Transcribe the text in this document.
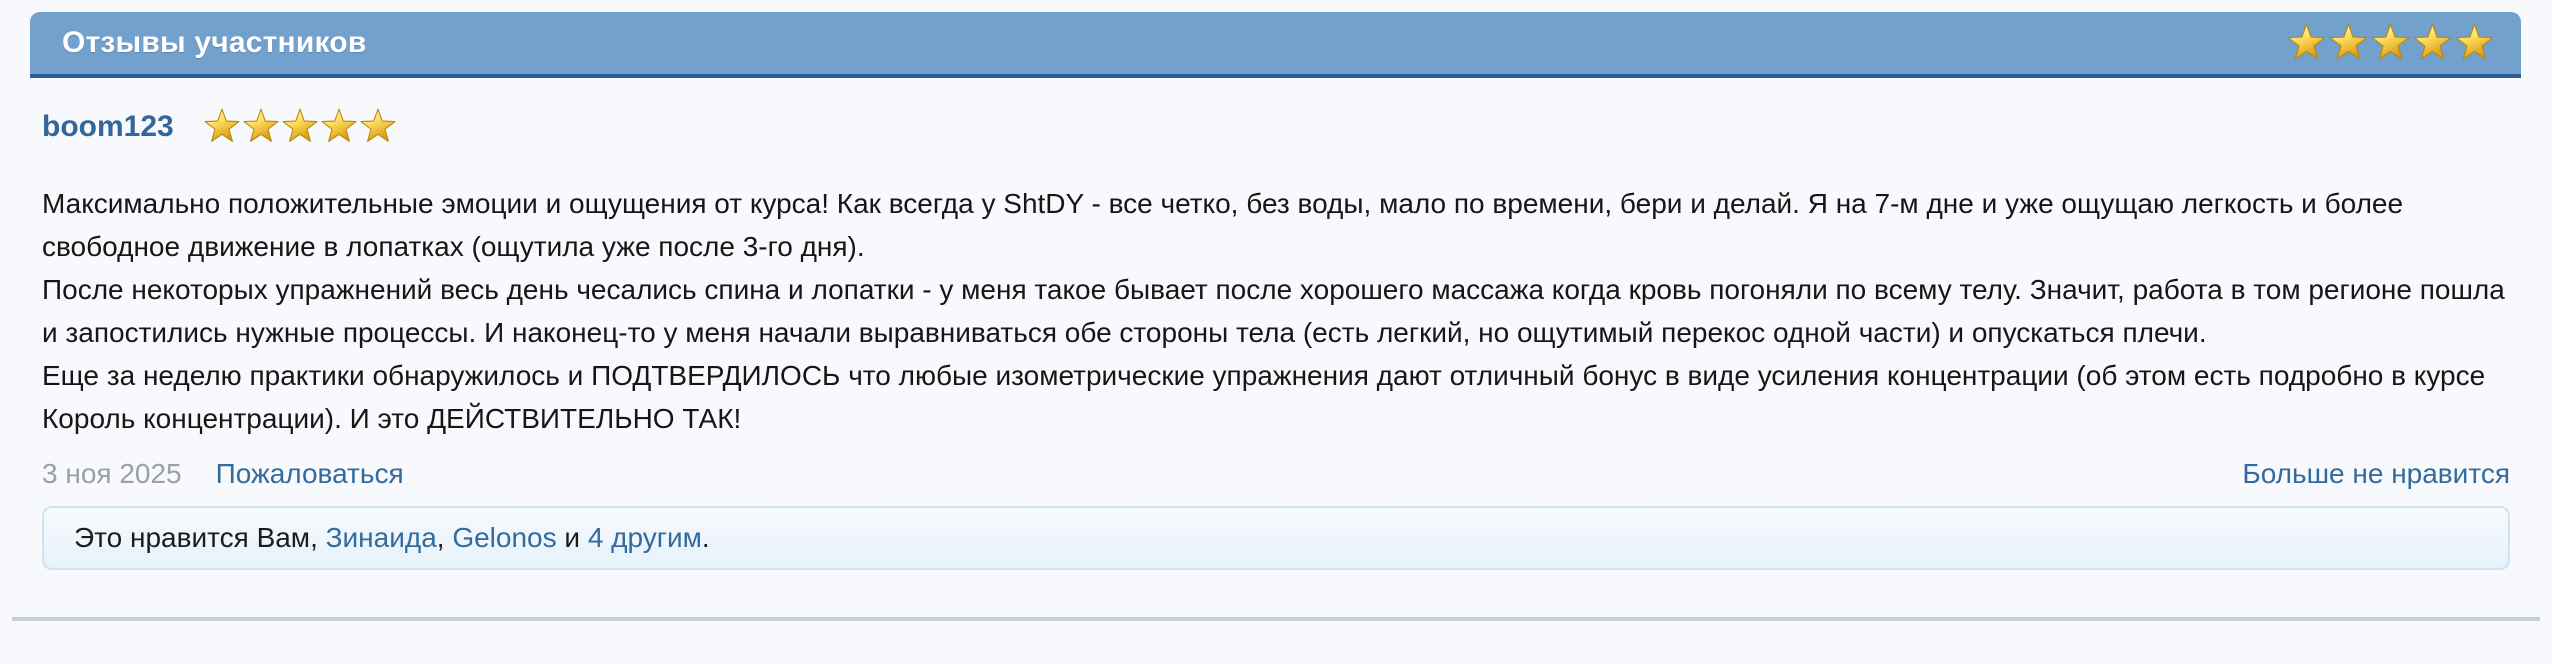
Отзывы участников
boom123

Максимально положительные эмоции и ощущения от курса! Как всегда у ShtDY - все четко, без воды, мало по времени, бери и делай. Я на 7-м дне и уже ощущаю легкость и более свободное движение в лопатках (ощутила уже после 3-го дня).

После некоторых упражнений весь день чесались спина и лопатки - у меня такое бывает после хорошего массажа когда кровь погоняли по всему телу. Значит, работа в том регионе пошла и запостились нужные процессы. И наконец-то у меня начали выравниваться обе стороны тела (есть легкий, но ощутимый перекос одной части) и опускаться плечи.

Еще за неделю практики обнаружилось и ПОДТВЕРДИЛОСЬ что любые изометрические упражнения дают отличный бонус в виде усиления концентрации (об этом есть подробно в курсе Король концентрации). И это ДЕЙСТВИТЕЛЬНО ТАК!

3 ноя 2025 Пожаловаться	Больше не нравится
Это нравится Вам, Зинаида, Gelonos и 4 другим.
